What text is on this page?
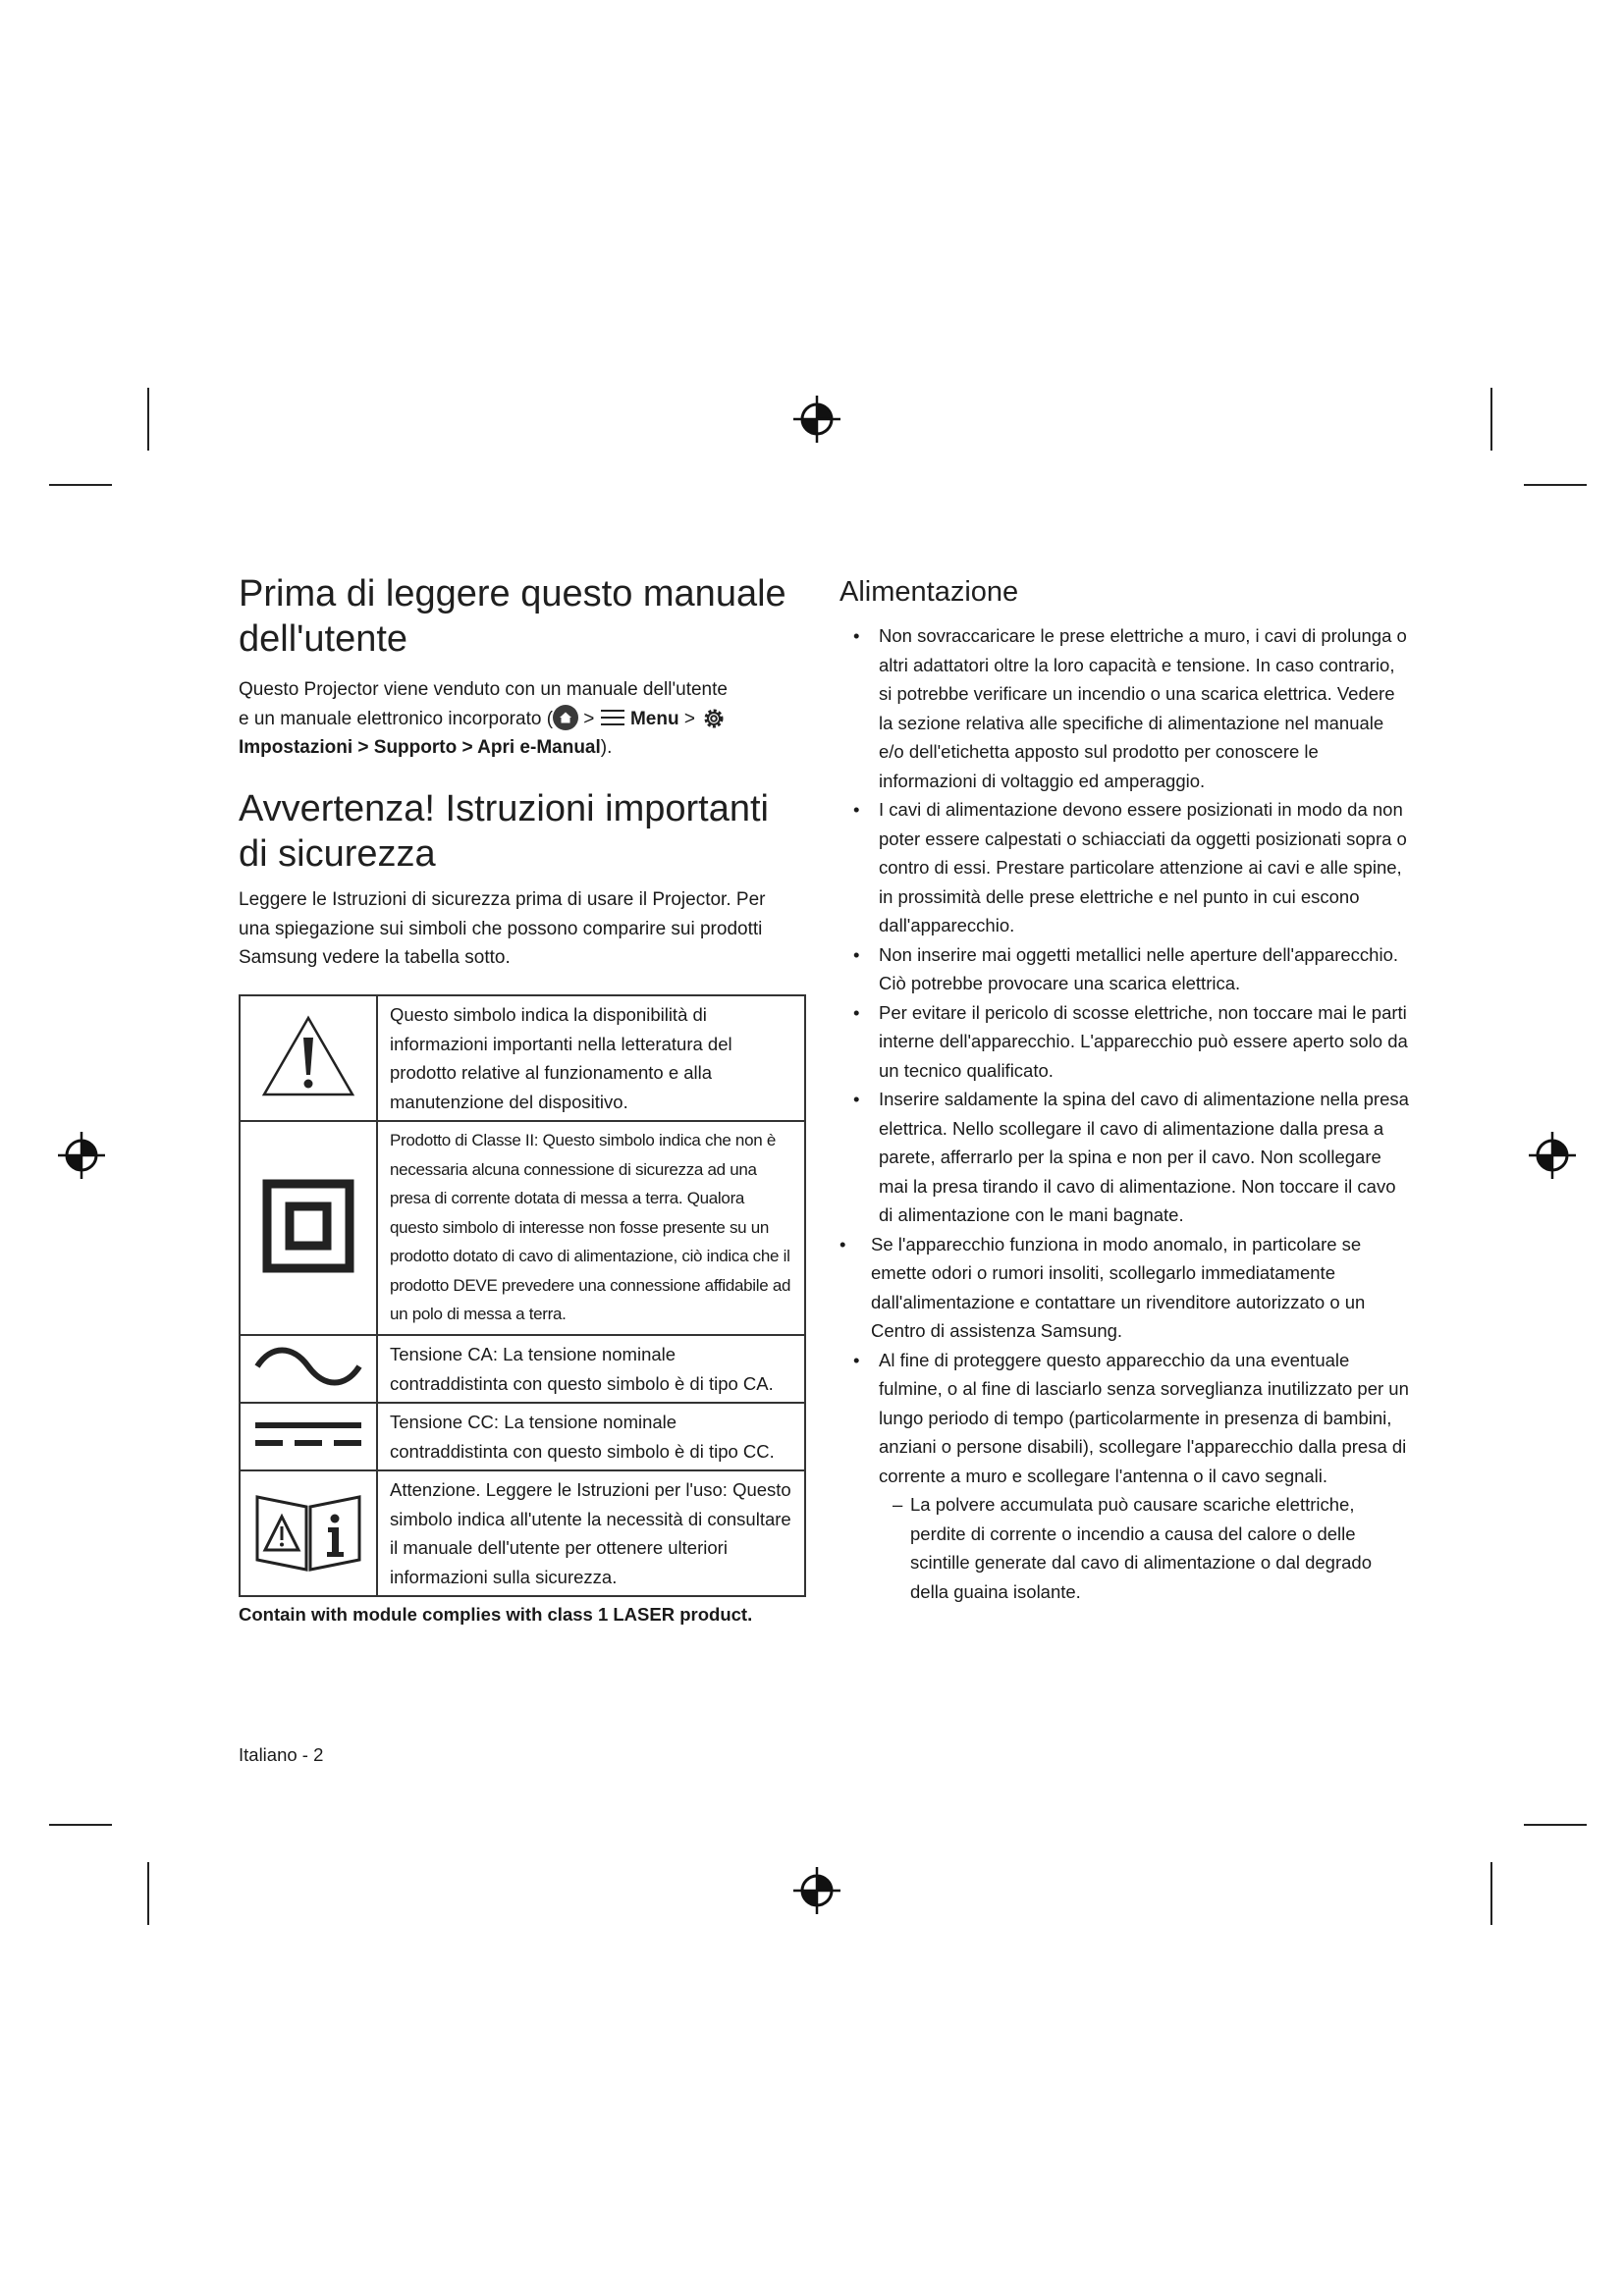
Prima di leggere questo manuale dell'utente
Questo Projector viene venduto con un manuale dell'utente
e un manuale elettronico incorporato ( >  Menu >
Impostazioni > Supporto > Apri e-Manual).
Avvertenza! Istruzioni importanti di sicurezza
Leggere le Istruzioni di sicurezza prima di usare il Projector. Per una spiegazione sui simboli che possono comparire sui prodotti Samsung vedere la tabella sotto.
	Questo simbolo indica la disponibilità di informazioni importanti nella letteratura del prodotto relative al funzionamento e alla manutenzione del dispositivo.
	Prodotto di Classe II: Questo simbolo indica che non è necessaria alcuna connessione di sicurezza ad una presa di corrente dotata di messa a terra. Qualora questo simbolo di interesse non fosse presente su un prodotto dotato di cavo di alimentazione, ciò indica che il prodotto DEVE prevedere una connessione affidabile ad un polo di messa a terra.
	Tensione CA: La tensione nominale contraddistinta con questo simbolo è di tipo CA.
	Tensione CC: La tensione nominale contraddistinta con questo simbolo è di tipo CC.
	Attenzione. Leggere le Istruzioni per l'uso: Questo simbolo indica all'utente la necessità di consultare il manuale dell'utente per ottenere ulteriori informazioni sulla sicurezza.
Contain with module complies with class 1 LASER product.
Italiano - 2
Alimentazione
• Non sovraccaricare le prese elettriche a muro, i cavi di prolunga o altri adattatori oltre la loro capacità e tensione. In caso contrario, si potrebbe verificare un incendio o una scarica elettrica. Vedere la sezione relativa alle specifiche di alimentazione nel manuale e/o dell'etichetta apposto sul prodotto per conoscere le informazioni di voltaggio ed amperaggio.
• I cavi di alimentazione devono essere posizionati in modo da non poter essere calpestati o schiacciati da oggetti posizionati sopra o contro di essi. Prestare particolare attenzione ai cavi e alle spine, in prossimità delle prese elettriche e nel punto in cui escono dall'apparecchio.
• Non inserire mai oggetti metallici nelle aperture dell'apparecchio. Ciò potrebbe provocare una scarica elettrica.
• Per evitare il pericolo di scosse elettriche, non toccare mai le parti interne dell'apparecchio. L'apparecchio può essere aperto solo da un tecnico qualificato.
• Inserire saldamente la spina del cavo di alimentazione nella presa elettrica. Nello scollegare il cavo di alimentazione dalla presa a parete, afferrarlo per la spina e non per il cavo. Non scollegare mai la presa tirando il cavo di alimentazione. Non toccare il cavo di alimentazione con le mani bagnate.
• Se l'apparecchio funziona in modo anomalo, in particolare se emette odori o rumori insoliti, scollegarlo immediatamente dall'alimentazione e contattare un rivenditore autorizzato o un Centro di assistenza Samsung.
• Al fine di proteggere questo apparecchio da una eventuale fulmine, o al fine di lasciarlo senza sorveglianza inutilizzato per un lungo periodo di tempo (particolarmente in presenza di bambini, anziani o persone disabili), scollegare l'apparecchio dalla presa di corrente a muro e scollegare l'antenna o il cavo segnali.
– La polvere accumulata può causare scariche elettriche, perdite di corrente o incendio a causa del calore o delle scintille generate dal cavo di alimentazione o dal degrado della guaina isolante.
